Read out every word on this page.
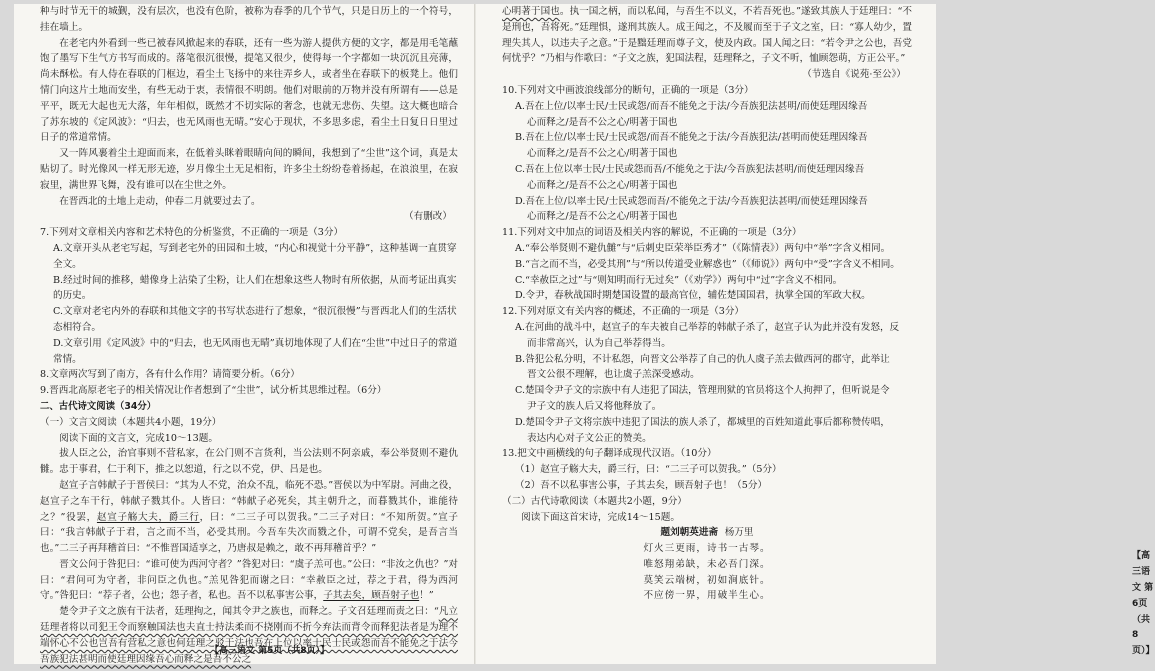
种与时节无干的城觐，没有层次，也没有色阶，被称为春季的几个节气，只是日历上的一个符号，挂在墙上。

在老宅内外看到一些已被春风掀起来的春联，还有一些为游人提供方便的文字，都是用毛笔蘸饱了墨写下生气方书写而成的。落笔很沉很慢，提笔又很少，使得每一个字都如一块沉沉且亮薄，尚未酥松。有人侍在春联的门框边，看尘土飞扬中的来往弄乡人，或者坐在春联下的板凳上。他们情门向这片土地而安坐，有些无动于衷，表情很不明朗。他们对眼前的万物并没有所谓有——总是平平，既无大起也无大落，年年相似，既然才不切实际的奢念，也就无悲伤、失望。这大概也暗合了苏东坡的《定风波》：“归去，也无风雨也无晴。”安心于现状，不多思多虑，看尘土日复日日里过日子的常道常情。

又一阵风裹着尘土迎面而来，在低着头眯着眼睛向间的瞬间，我想到了“尘世”这个词，真是太贴切了。时光像风一样无形无迹，岁月像尘土无足相衔，许多尘土纷纷卷着扬起，在浪浪里，在寂寂里，满世界飞舞，没有谁可以在尘世之外。

在晋西北的土地上走动，仲春二月就要过去了。

（有删改）

7.下列对文章相关内容和艺术特色的分析鉴赏，不正确的一项是（3分）

A.文章开头从老宅写起，写到老宅外的田园和土坡，“内心和视觉十分平静”，这种基调一直贯穿全文。

B.经过时间的推移，蜡像身上沾染了尘粉，让人们在想象这些人物时有所依据，从而考证出真实的历史。

C.文章对老宅内外的春联和其他文字的书写状态进行了想象，“很沉很慢”与晋西北人们的生活状态相符合。

D.文章引用《定风波》中的“归去，也无风雨也无晴”真切地体现了人们在“尘世”中过日子的常道常情。

8.文章两次写到了南方，各有什么作用？请简要分析。（6分）

9.晋西北高原老宅子的相关情况让作者想到了“尘世”，试分析其思维过程。（6分）

二、古代诗文阅读（34分）

（一）文言文阅读（本题共4小题，19分）

阅读下面的文言文，完成10～13题。

拔人臣之公，治官事则不营私家，在公门则不言货利，当公法则不阿亲戚，奉公举贤则不避仇雠。忠于事君，仁于利下，推之以恕道，行之以不党，伊、吕是也。

赵宣子言韩献子于晋侯曰：“其为人不党，治众不乱，临死不恐。”晋侯以为中军尉。河曲之役，赵宣子之车干行，韩献子戮其仆。人皆曰：“韩献子必死矣，其主朝升之，而暮戮其仆，谁能待之？”役罢，赵宣子觞大夫，爵三行，曰：“二三子可以贺我。”二三子对曰：“不知所贺。”宣子曰：“我言韩献子于君，言之而不当，必受其刑。今吾车失次而戮之仆，可谓不党矣，是吾言当也。”二三子再拜稽首曰：“不惟晋国适享之，乃唐叔是赖之，敢不再拜稽首乎？”

晋文公问于咎犯曰：“谁可使为西河守者？”咎犯对曰：“虞子羔可也。”公曰：“非汝之仇也？”对曰：“君问可为守者，非问臣之仇也。”羔见咎犯而谢之曰：“幸赦臣之过，荐之于君，得为西河守。”咎犯曰：“荐子者，公也；怨子者，私也。吾不以私事害公事，子其去矣，顾吾射子也！”

楚令尹子文之族有干法者，廷理拘之，闻其令尹之族也，而释之。子文召廷理而责之曰：“凡立廷理者将以司犯王令而察触国法也夫直士持法柔而不挠刚而不折今弃法而背令而释犯法者是为理不端怀心不公也岂吾有营私之意也何廷理之驳于法也吾在上位以率士民士民或怨而吾不能免之于法今吾族犯法甚明而使廷理因缘吾心而释之是吾不公之

【高三语文 第5页（共8页）】

心明著于国也。执一国之柄，而以私闻，与吾生不以义，不若吾死也。”遂致其族人于廷理曰：“不是刑也，吾将死。”廷理惧，遂刑其族人。成王闻之，不及履而至于子文之室，曰：“寡人幼少，置理失其人，以违夫子之意。”于是黜廷理而尊子文，使及内政。国人闻之曰：“若令尹之公也，吾党何忧乎？”乃相与作歌曰：“子文之族，犯国法程，廷理释之，子文不听，恤顾怨萌，方正公平。”

（节选自《说苑·至公》）

10.下列对文中画波浪线部分的断句，正确的一项是（3分）

A.吾在上位/以率士民/士民或怨/而吾不能免之于法/今吾族犯法甚明/而使廷理因缘吾
心而释之/是吾不公之心/明著于国也

B.吾在上位/以率士民/士民或怨/而吾不能免之于法/今吾族犯法/甚明而使廷理因缘吾
心而释之/是吾不公之心/明著于国也

C.吾在上位以率士民/士民或怨而吾/不能免之于法/今吾族犯法甚明/而使廷理因缘吾
心而释之/是吾不公之心/明著于国也

D.吾在上位/以率士民/士民或怨而吾/不能免之于法/今吾族犯法甚明/而使廷理因缘吾
心而释之/是吾不公之心/明著于国也

11.下列对文中加点的词语及相关内容的解说，不正确的一项是（3分）

A.“奉公举贤则不避仇雠”与“后刺史臣荣举臣秀才”（《陈情表》）两句中“举”字含义相同。

B.“言之而不当，必受其刑”与“所以传道受业解惑也”（《师说》）两句中“受”字含义不相同。

C.“幸赦臣之过”与“则知明而行无过矣”（《劝学》）两句中“过”字含义不相同。

D.令尹，春秋战国时期楚国设置的最高官位，辅佐楚国国君，执掌全国的军政大权。

12.下列对原文有关内容的概述，不正确的一项是（3分）

A.在河曲的战斗中，赵宣子的车夫被自己举荐的韩献子杀了，赵宣子认为此并没有发怒，反
而非常高兴，认为自己举荐得当。

B.咎犯公私分明，不计私怨，向晋文公举荐了自己的仇人虞子羔去做西河的郡守，此举让
晋文公很不理解，也让虞子羔深受感动。

C.楚国令尹子文的宗族中有人违犯了国法，管理刑狱的官员将这个人拘押了，但听说是令
尹子文的族人后又将他释放了。

D.楚国令尹子文将宗族中违犯了国法的族人杀了，都城里的百姓知道此事后都称赞传唱，
表达内心对子文公正的赞美。

13.把文中画横线的句子翻译成现代汉语。（10分）

（1）赵宣子觞大夫，爵三行，曰：“二三子可以贺我。”（5分）

（2）吾不以私事害公事，子其去矣，顾吾射子也！（5分）

（二）古代诗歌阅读（本题共2小题，9分）

阅读下面这首宋诗，完成14～15题。

题刘朝英进斋 杨万里

灯火三更雨，诗书一古琴。

唯怒翔弟缺，未必吾门深。

莫笑云端树，初如涧底针。

不应傍一界，用破半生心。

【高三语文 第6页（共8页）】
